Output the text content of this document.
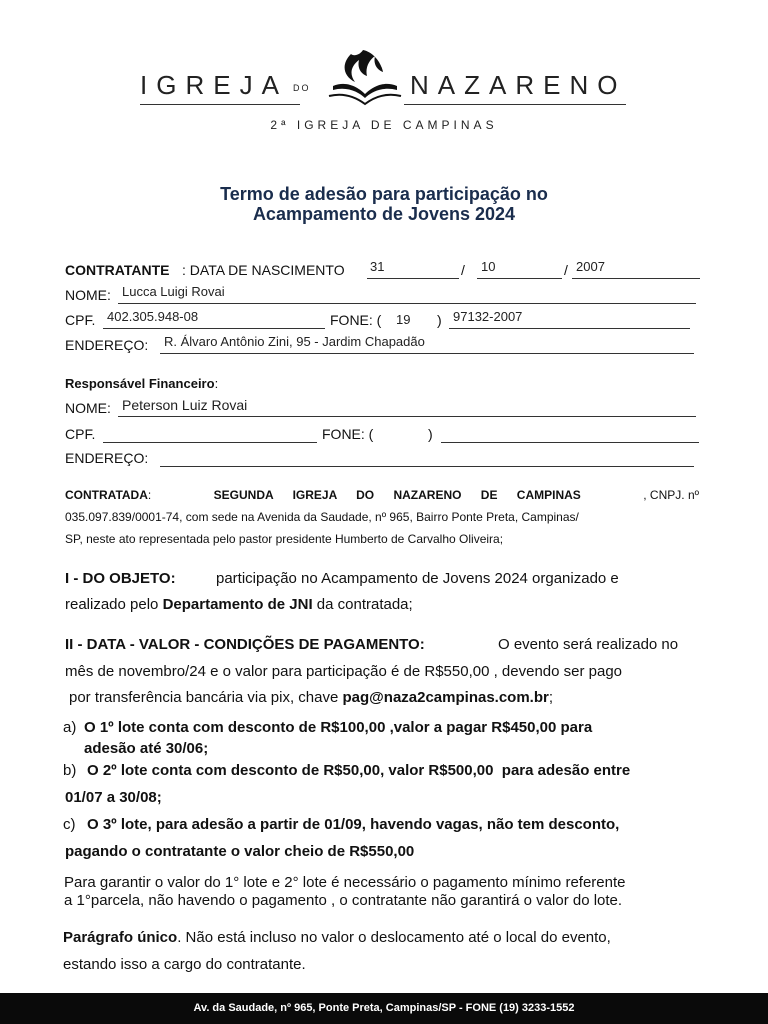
IGREJA DO	NAZARENO
2ª IGREJA DE CAMPINAS
Termo de adesão para participação no
Acampamento de Jovens 2024
CONTRATANTE : DATA DE NASCIMENTO 31	/ 10	/ 2007
NOME: Lucca Luigi Rovai
CPF. 402.305.948-08	FONE: ( 19 ) 97132-2007
ENDEREÇO: R. Álvaro Antônio Zini, 95 - Jardim Chapadão
Responsável Financeiro:
NOME: Peterson Luiz Rovai
CPF.	FONE: (	)
ENDEREÇO:
CONTRATADA:	SEGUNDA IGREJA DO NAZARENO DE CAMPINAS	, CNPJ. nº
035.097.839/0001-74, com sede na Avenida da Saudade, nº 965, Bairro Ponte Preta, Campinas/
SP, neste ato representada pelo pastor presidente Humberto de Carvalho Oliveira;
I - DO OBJETO:	participação no Acampamento de Jovens 2024 organizado e
realizado pelo Departamento de JNI da contratada;
II - DATA - VALOR - CONDIÇÕES DE PAGAMENTO:	O evento será realizado no
mês de novembro/24 e o valor para participação é de R$550,00 , devendo ser pago
por transferência bancária via pix, chave pag@naza2campinas.com.br;
a) O 1º lote conta com desconto de R$100,00 ,valor a pagar R$450,00 para
adesão até 30/06;
b) O 2º lote conta com desconto de R$50,00, valor R$500,00  para adesão entre
01/07 a 30/08;
c) O 3º lote, para adesão a partir de 01/09, havendo vagas, não tem desconto,
pagando o contratante o valor cheio de R$550,00
Para garantir o valor do 1° lote e 2° lote é necessário o pagamento mínimo referente
a 1°parcela, não havendo o pagamento , o contratante não garantirá o valor do lote.
Parágrafo único. Não está incluso no valor o deslocamento até o local do evento,
estando isso a cargo do contratante.
Av. da Saudade, nº 965, Ponte Preta, Campinas/SP - FONE (19) 3233-1552
